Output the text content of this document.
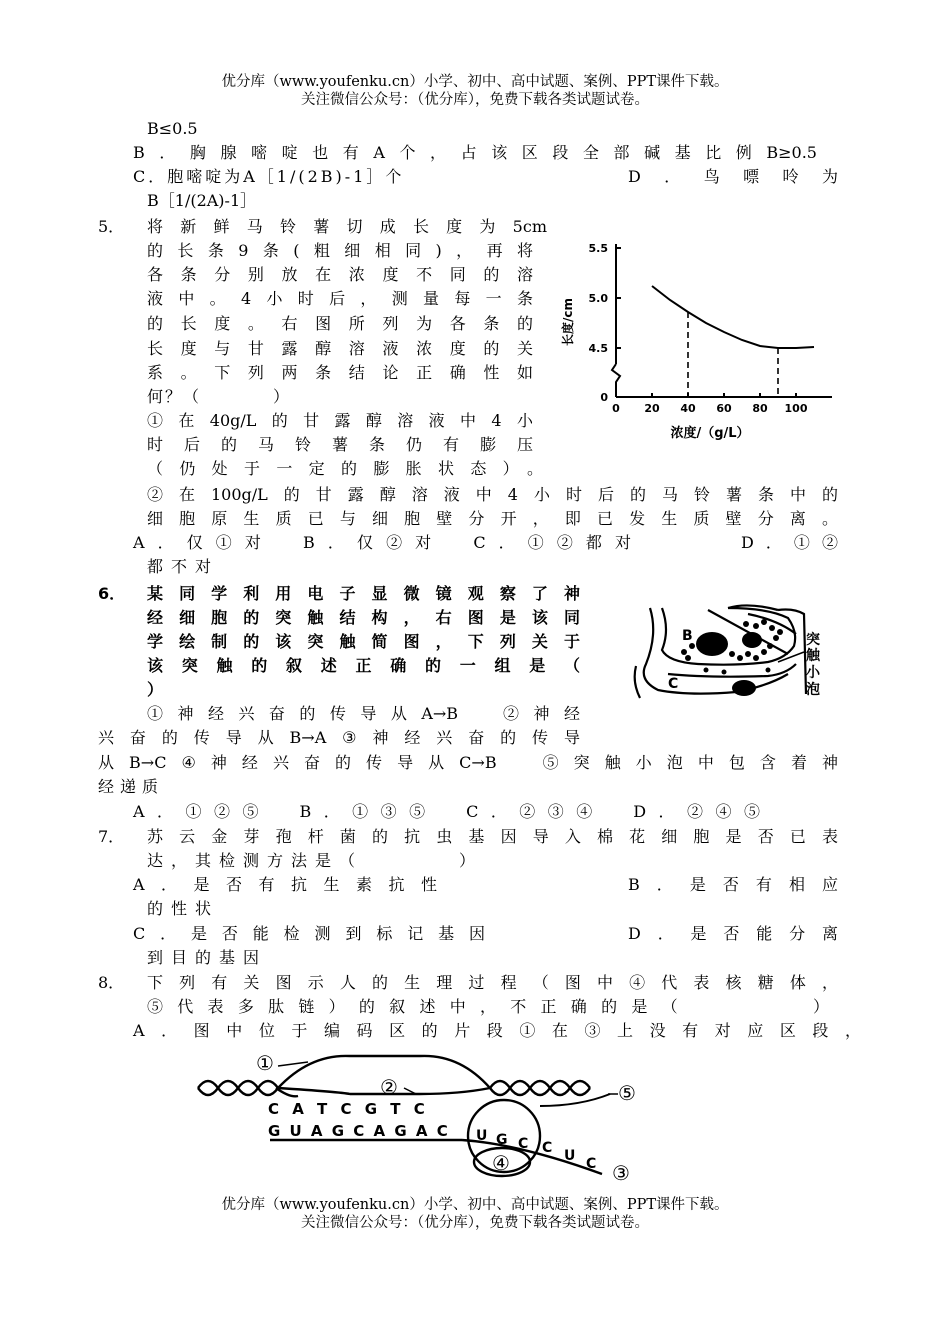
优分库（www.youfenku.cn）小学、初中、高中试题、案例、PPT课件下载。
关注微信公众号：（优分库），免费下载各类试题试卷。
B≤0.5
B．胸腺嘧啶也有A个，占该区段全部碱基比例B≥0.5
C．胞嘧啶为A［1/(2B)-1］个	D．鸟嘌呤为
B［1/(2A)-1］
5． 将新鲜马铃薯切成长度为5cm
的长条9条(粗细相同)，再将
各条分别放在浓度不同的溶
液中。4小时后，测量每一条
的长度。右图所列为各条的
长度与甘露醇溶液浓度的关
系。下列两条结论正确性如
何？（　　　　）
①在40g/L的甘露醇溶液中4小
时后的马铃薯条仍有膨压
（仍处于一定的膨胀状态）。
②在100g/L的甘露醇溶液中4小时后的马铃薯条中的
细胞原生质已与细胞壁分开，即已发生质壁分离。
A．仅①对　B．仅②对　C．①②都对	D．①②
都不对
0
4.5
5.0
5.5
0 20 40 60 80 100
长度/cm
浓度/（g/L）
6． 某同学利用电子显微镜观察了神
经细胞的突触结构，右图是该同
学绘制的该突触简图，下列关于
该突触的叙述正确的一组是（
）
①神经兴奋的传导从A→B　②神经
兴奋的传导从B→A③神经兴奋的传导
从B→C④神经兴奋的传导从C→B　⑤突触小泡中包含着神
经递质
A．①②⑤　B．①③⑤　C．②③④　D．②④⑤
B
C
突
触
小
泡
7． 苏云金芽孢杆菌的抗虫基因导入棉花细胞是否已表
达，其检测方法是（　　　　）
A．是否有抗生素抗性	B．是否有相应
的性状
C．是否能检测到标记基因	D．是否能分离
到目的基因
8． 下列有关图示人的生理过程（图中④代表核糖体，
⑤代表多肽链）的叙述中，不正确的是（　　　　）
A．图中位于编码区的片段①在③上没有对应区段，
C A T C G T C
G U A G C A G A C U G C C U C
①
②
③
④
⑤
优分库（www.youfenku.cn）小学、初中、高中试题、案例、PPT课件下载。
关注微信公众号：（优分库），免费下载各类试题试卷。
